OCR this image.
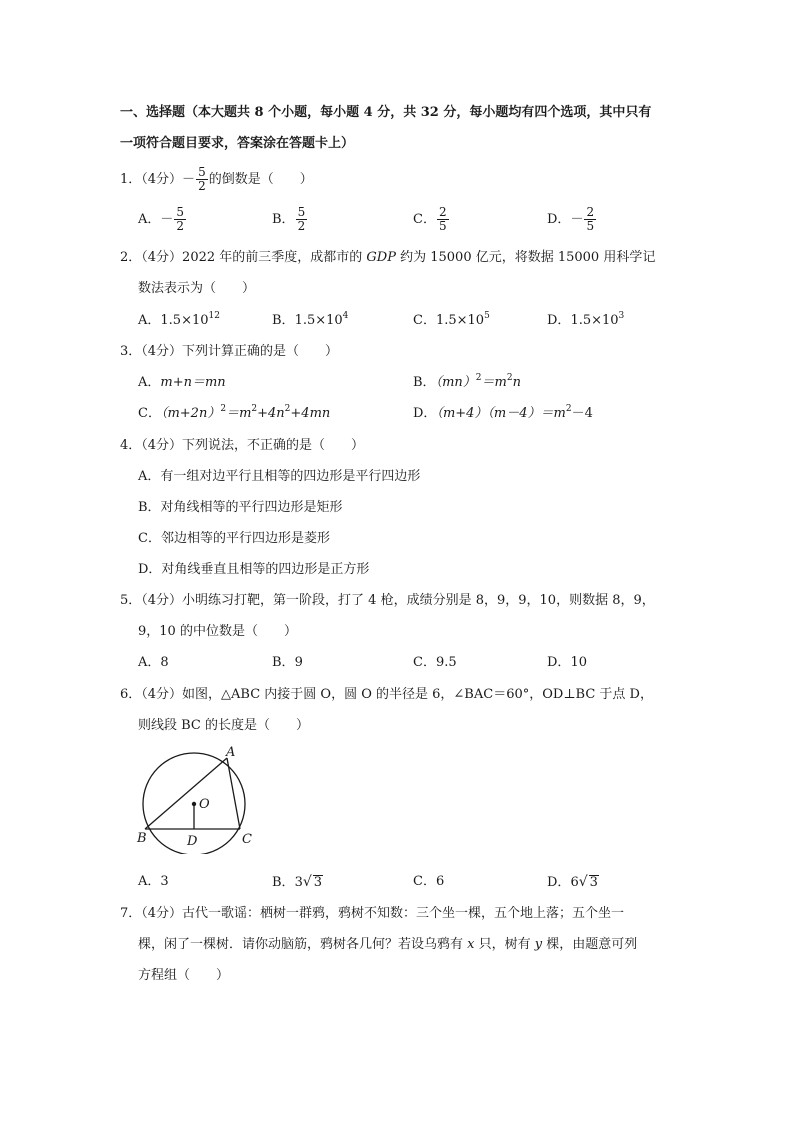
一、选择题（本大题共 8 个小题，每小题 4 分，共 32 分，每小题均有四个选项，其中只有
一项符合题目要求，答案涂在答题卡上）
1．（4分）－ $\frac{5}{2}$ 的倒数是（　　）
A．－ $\frac{5}{2}$	B． $\frac{5}{2}$	C． $\frac{2}{5}$	D．－ $\frac{2}{5}$
2．（4分）2022 年的前三季度，成都市的 GDP 约为 15000 亿元，将数据 15000 用科学记
数法表示为（　　）
A．$1.5\times 10^{12}$	B．$1.5\times 10^4$	C．$1.5\times 10^5$	D．$1.5\times 10^3$
3．（4分）下列计算正确的是（　　）
A．m+n＝mn	B．$(mn)^2=m^2n$
C．$(m+2n)^2=m^2+4n^2+4mn$	D．$(m+4)(m-4)=m^2-4$
4．（4分）下列说法，不正确的是（　　）
A．有一组对边平行且相等的四边形是平行四边形
B．对角线相等的平行四边形是矩形
C．邻边相等的平行四边形是菱形
D．对角线垂直且相等的四边形是正方形
5．（4分）小明练习打靶，第一阶段，打了 4 枪，成绩分别是 8，9，9，10，则数据 8，9，
9，10 的中位数是（　　）
A．8	B．9	C．9.5	D．10
6．（4分）如图，△ABC 内接于圆 O，圆 O 的半径是 6，∠BAC＝60°，OD⊥BC 于点 D，
则线段 BC 的长度是（　　）
A
O
B	D	C
A．3	B．3√ 3	C．6	D．6√ 3
7．（4分）古代一歌谣：栖树一群鸦，鸦树不知数：三个坐一棵，五个地上落；五个坐一
棵，闲了一棵树．请你动脑筋，鸦树各几何？若设乌鸦有 x 只，树有 y 棵，由题意可列
方程组（　　）
